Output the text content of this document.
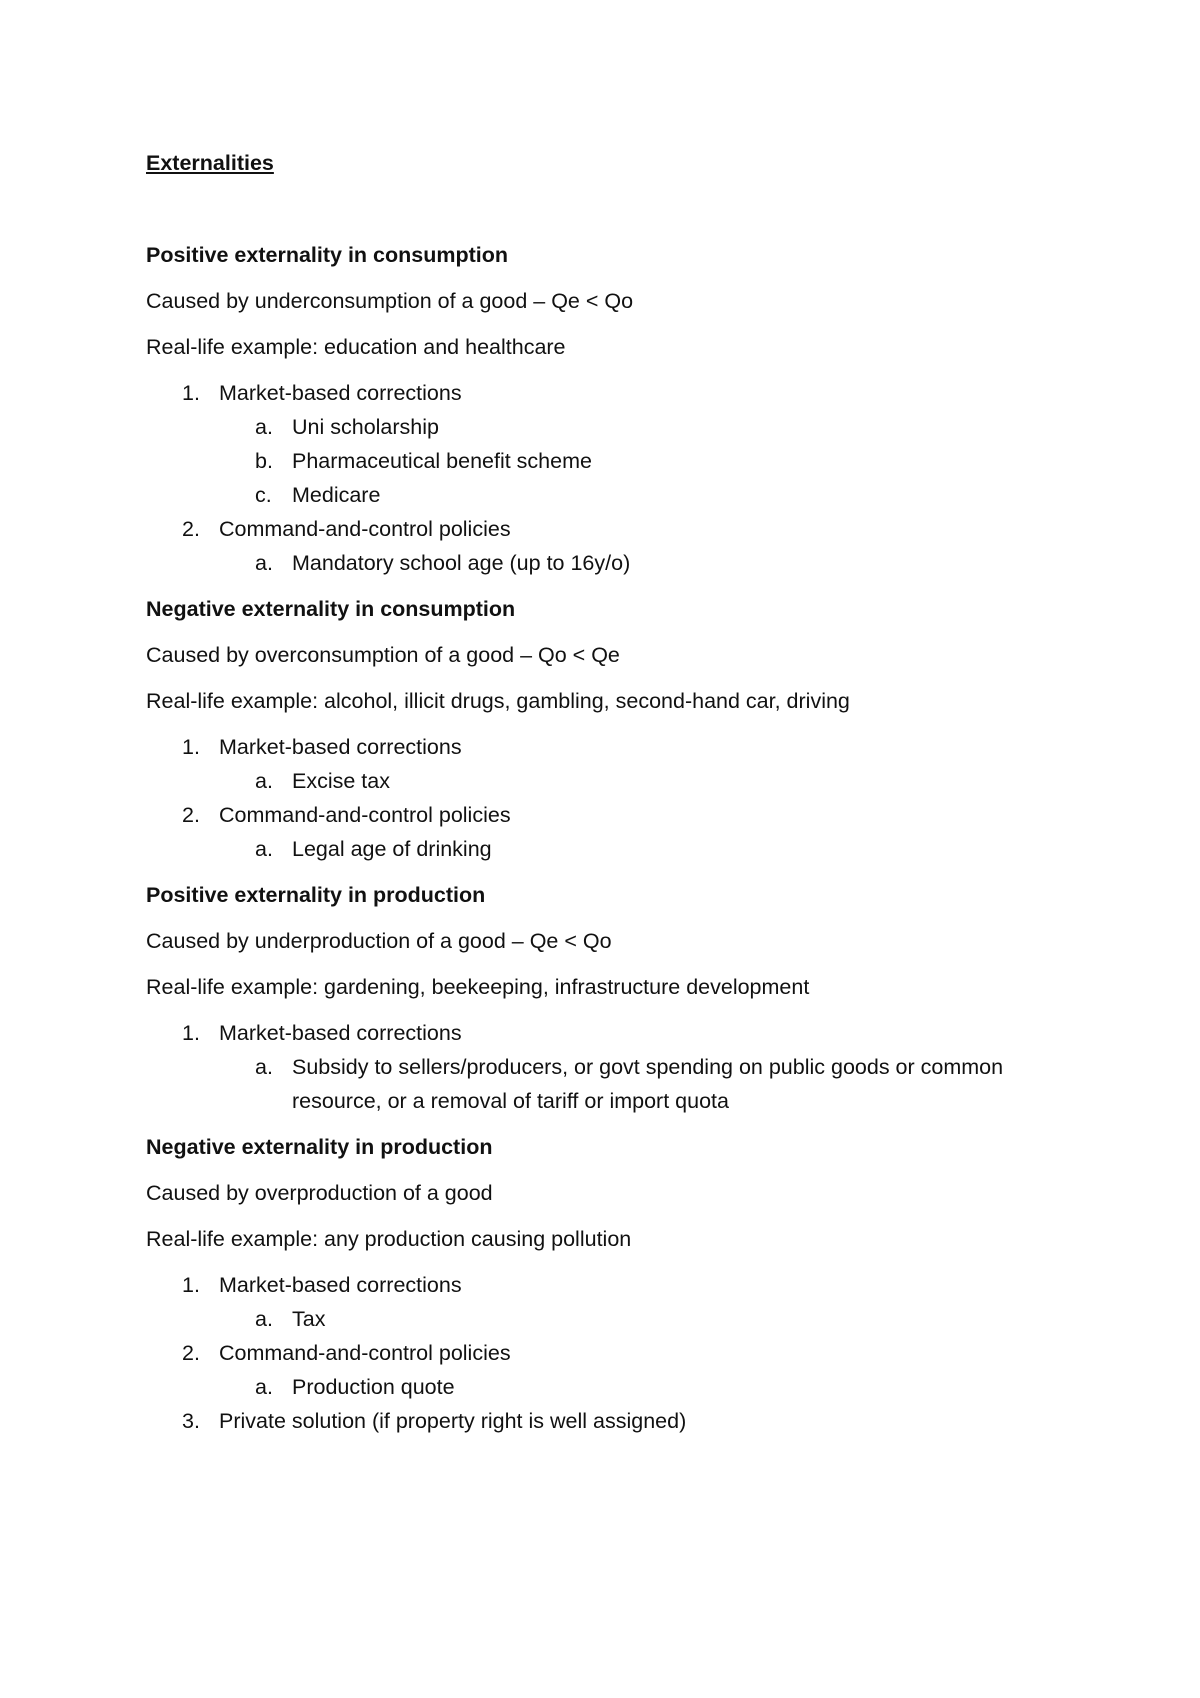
Externalities
Positive externality in consumption
Caused by underconsumption of a good – Qe < Qo
Real-life example: education and healthcare
1. Market-based corrections
a. Uni scholarship
b. Pharmaceutical benefit scheme
c. Medicare
2. Command-and-control policies
a. Mandatory school age (up to 16y/o)
Negative externality in consumption
Caused by overconsumption of a good – Qo < Qe
Real-life example: alcohol, illicit drugs, gambling, second-hand car, driving
1. Market-based corrections
a. Excise tax
2. Command-and-control policies
a. Legal age of drinking
Positive externality in production
Caused by underproduction of a good – Qe < Qo
Real-life example: gardening, beekeeping, infrastructure development
1. Market-based corrections
a. Subsidy to sellers/producers, or govt spending on public goods or common resource, or a removal of tariff or import quota
Negative externality in production
Caused by overproduction of a good
Real-life example: any production causing pollution
1. Market-based corrections
a. Tax
2. Command-and-control policies
a. Production quote
3. Private solution (if property right is well assigned)
